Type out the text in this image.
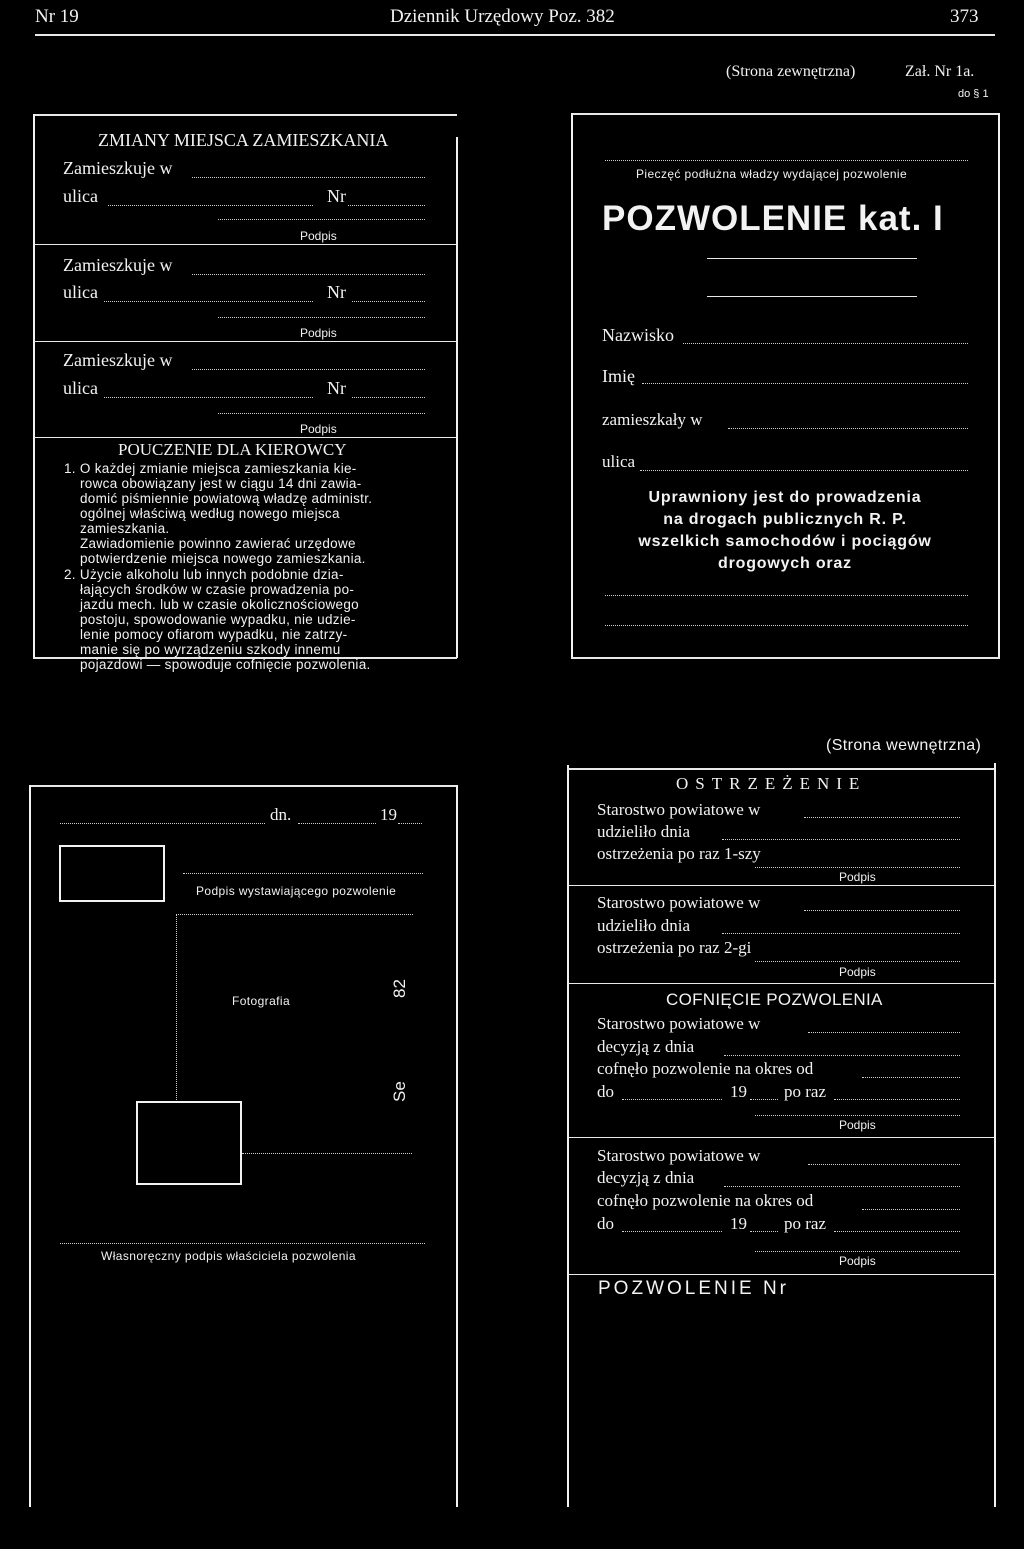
Nr 19	Dziennik Urzędowy Poz. 382	373
(Strona zewnętrzna)	Zał. Nr 1a.
do § 1
ZMIANY MIEJSCA ZAMIESZKANIA
Zamieszkuje w
ulica	Nr
Podpis
Zamieszkuje w
ulica	Nr
Podpis
Zamieszkuje w
ulica	Nr
Podpis
POUCZENIE DLA KIEROWCY
1. O każdej zmianie miejsca zamieszkania kie-
rowca obowiązany jest w ciągu 14 dni zawia-
domić piśmiennie powiatową władzę administr.
ogólnej właściwą według nowego miejsca
zamieszkania.
Zawiadomienie powinno zawierać urzędowe
potwierdzenie miejsca nowego zamieszkania.
2. Użycie alkoholu lub innych podobnie dzia-
łających środków w czasie prowadzenia po-
jazdu mech. lub w czasie okolicznościowego
postoju, spowodowanie wypadku, nie udzie-
lenie pomocy ofiarom wypadku, nie zatrzy-
manie się po wyrządzeniu szkody innemu
pojazdowi — spowoduje cofnięcie pozwolenia.
Pieczęć podłużna władzy wydającej pozwolenie
POZWOLENIE kat. I
Nazwisko
Imię
zamieszkały w
ulica
Uprawniony jest do prowadzenia
na drogach publicznych R. P.
wszelkich samochodów i pociągów
drogowych oraz
(Strona wewnętrzna)
dn.	19
Podpis wystawiającego pozwolenie
Fotografia
82
Se
Własnoręczny podpis właściciela pozwolenia
OSTRZEŻENIE
Starostwo powiatowe w
udzieliło dnia
ostrzeżenia po raz 1-szy
Podpis
Starostwo powiatowe w
udzieliło dnia
ostrzeżenia po raz 2-gi
Podpis
COFNIĘCIE POZWOLENIA
Starostwo powiatowe w
decyzją z dnia
cofnęło pozwolenie na okres od
do	19 po raz
Podpis
Starostwo powiatowe w
decyzją z dnia
cofnęło pozwolenie na okres od
do	19 po raz
Podpis
POZWOLENIE Nr
